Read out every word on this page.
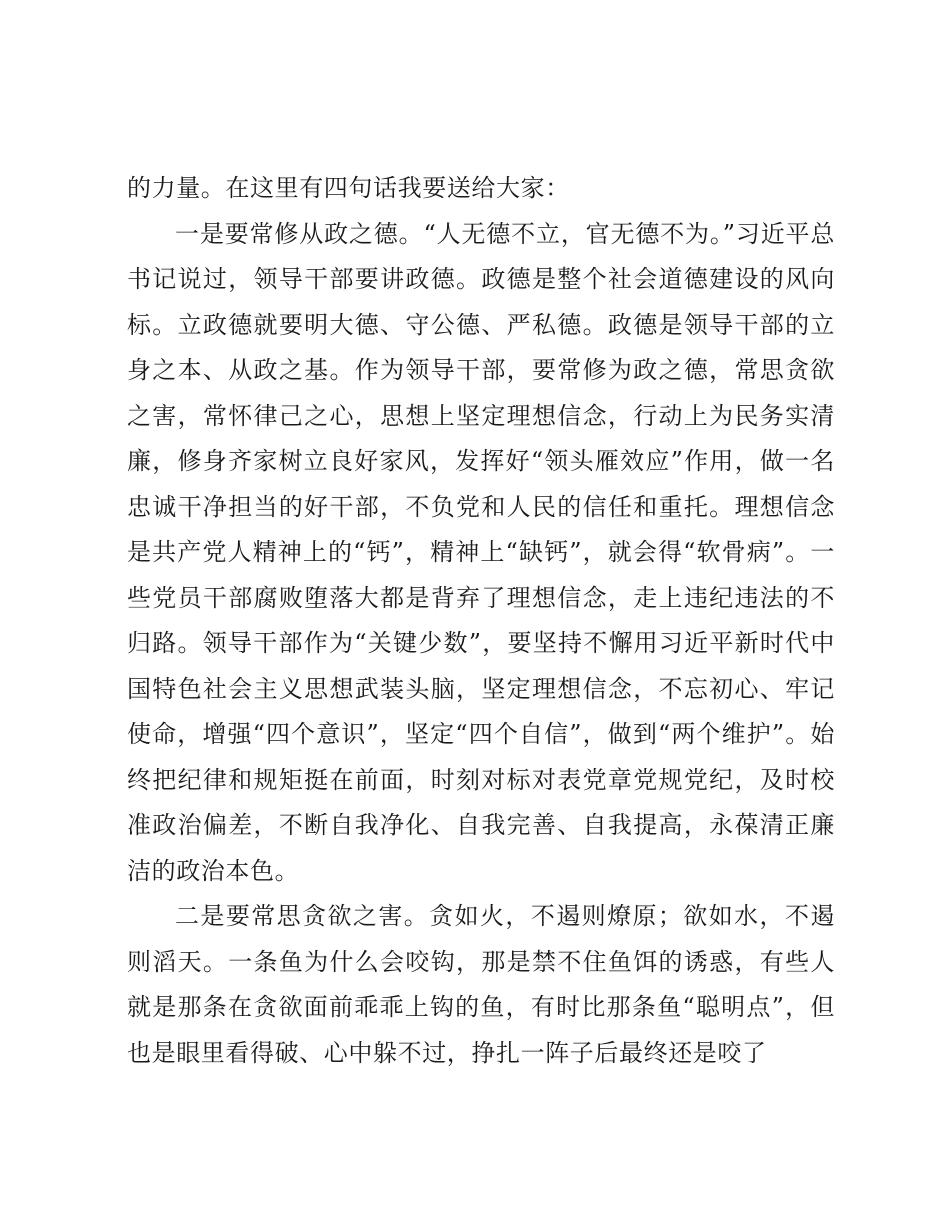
的力量。在这里有四句话我要送给大家：

一是要常修从政之德。“人无德不立，官无德不为。”习近平总书记说过，领导干部要讲政德。政德是整个社会道德建设的风向标。立政德就要明大德、守公德、严私德。政德是领导干部的立身之本、从政之基。作为领导干部，要常修为政之德，常思贪欲之害，常怀律己之心，思想上坚定理想信念，行动上为民务实清廉，修身齐家树立良好家风，发挥好“领头雁效应”作用，做一名忠诚干净担当的好干部，不负党和人民的信任和重托。理想信念是共产党人精神上的“钙”，精神上“缺钙”，就会得“软骨病”。一些党员干部腐败堕落大都是背弃了理想信念，走上违纪违法的不归路。领导干部作为“关键少数”，要坚持不懈用习近平新时代中国特色社会主义思想武装头脑，坚定理想信念，不忘初心、牢记使命，增强“四个意识”，坚定“四个自信”，做到“两个维护”。始终把纪律和规矩挺在前面，时刻对标对表党章党规党纪，及时校准政治偏差，不断自我净化、自我完善、自我提高，永葆清正廉洁的政治本色。

二是要常思贪欲之害。贪如火，不遏则燎原；欲如水，不遏则滔天。一条鱼为什么会咬钩，那是禁不住鱼饵的诱惑，有些人就是那条在贪欲面前乖乖上钩的鱼，有时比那条鱼“聪明点”，但也是眼里看得破、心中躲不过，挣扎一阵子后最终还是咬了
